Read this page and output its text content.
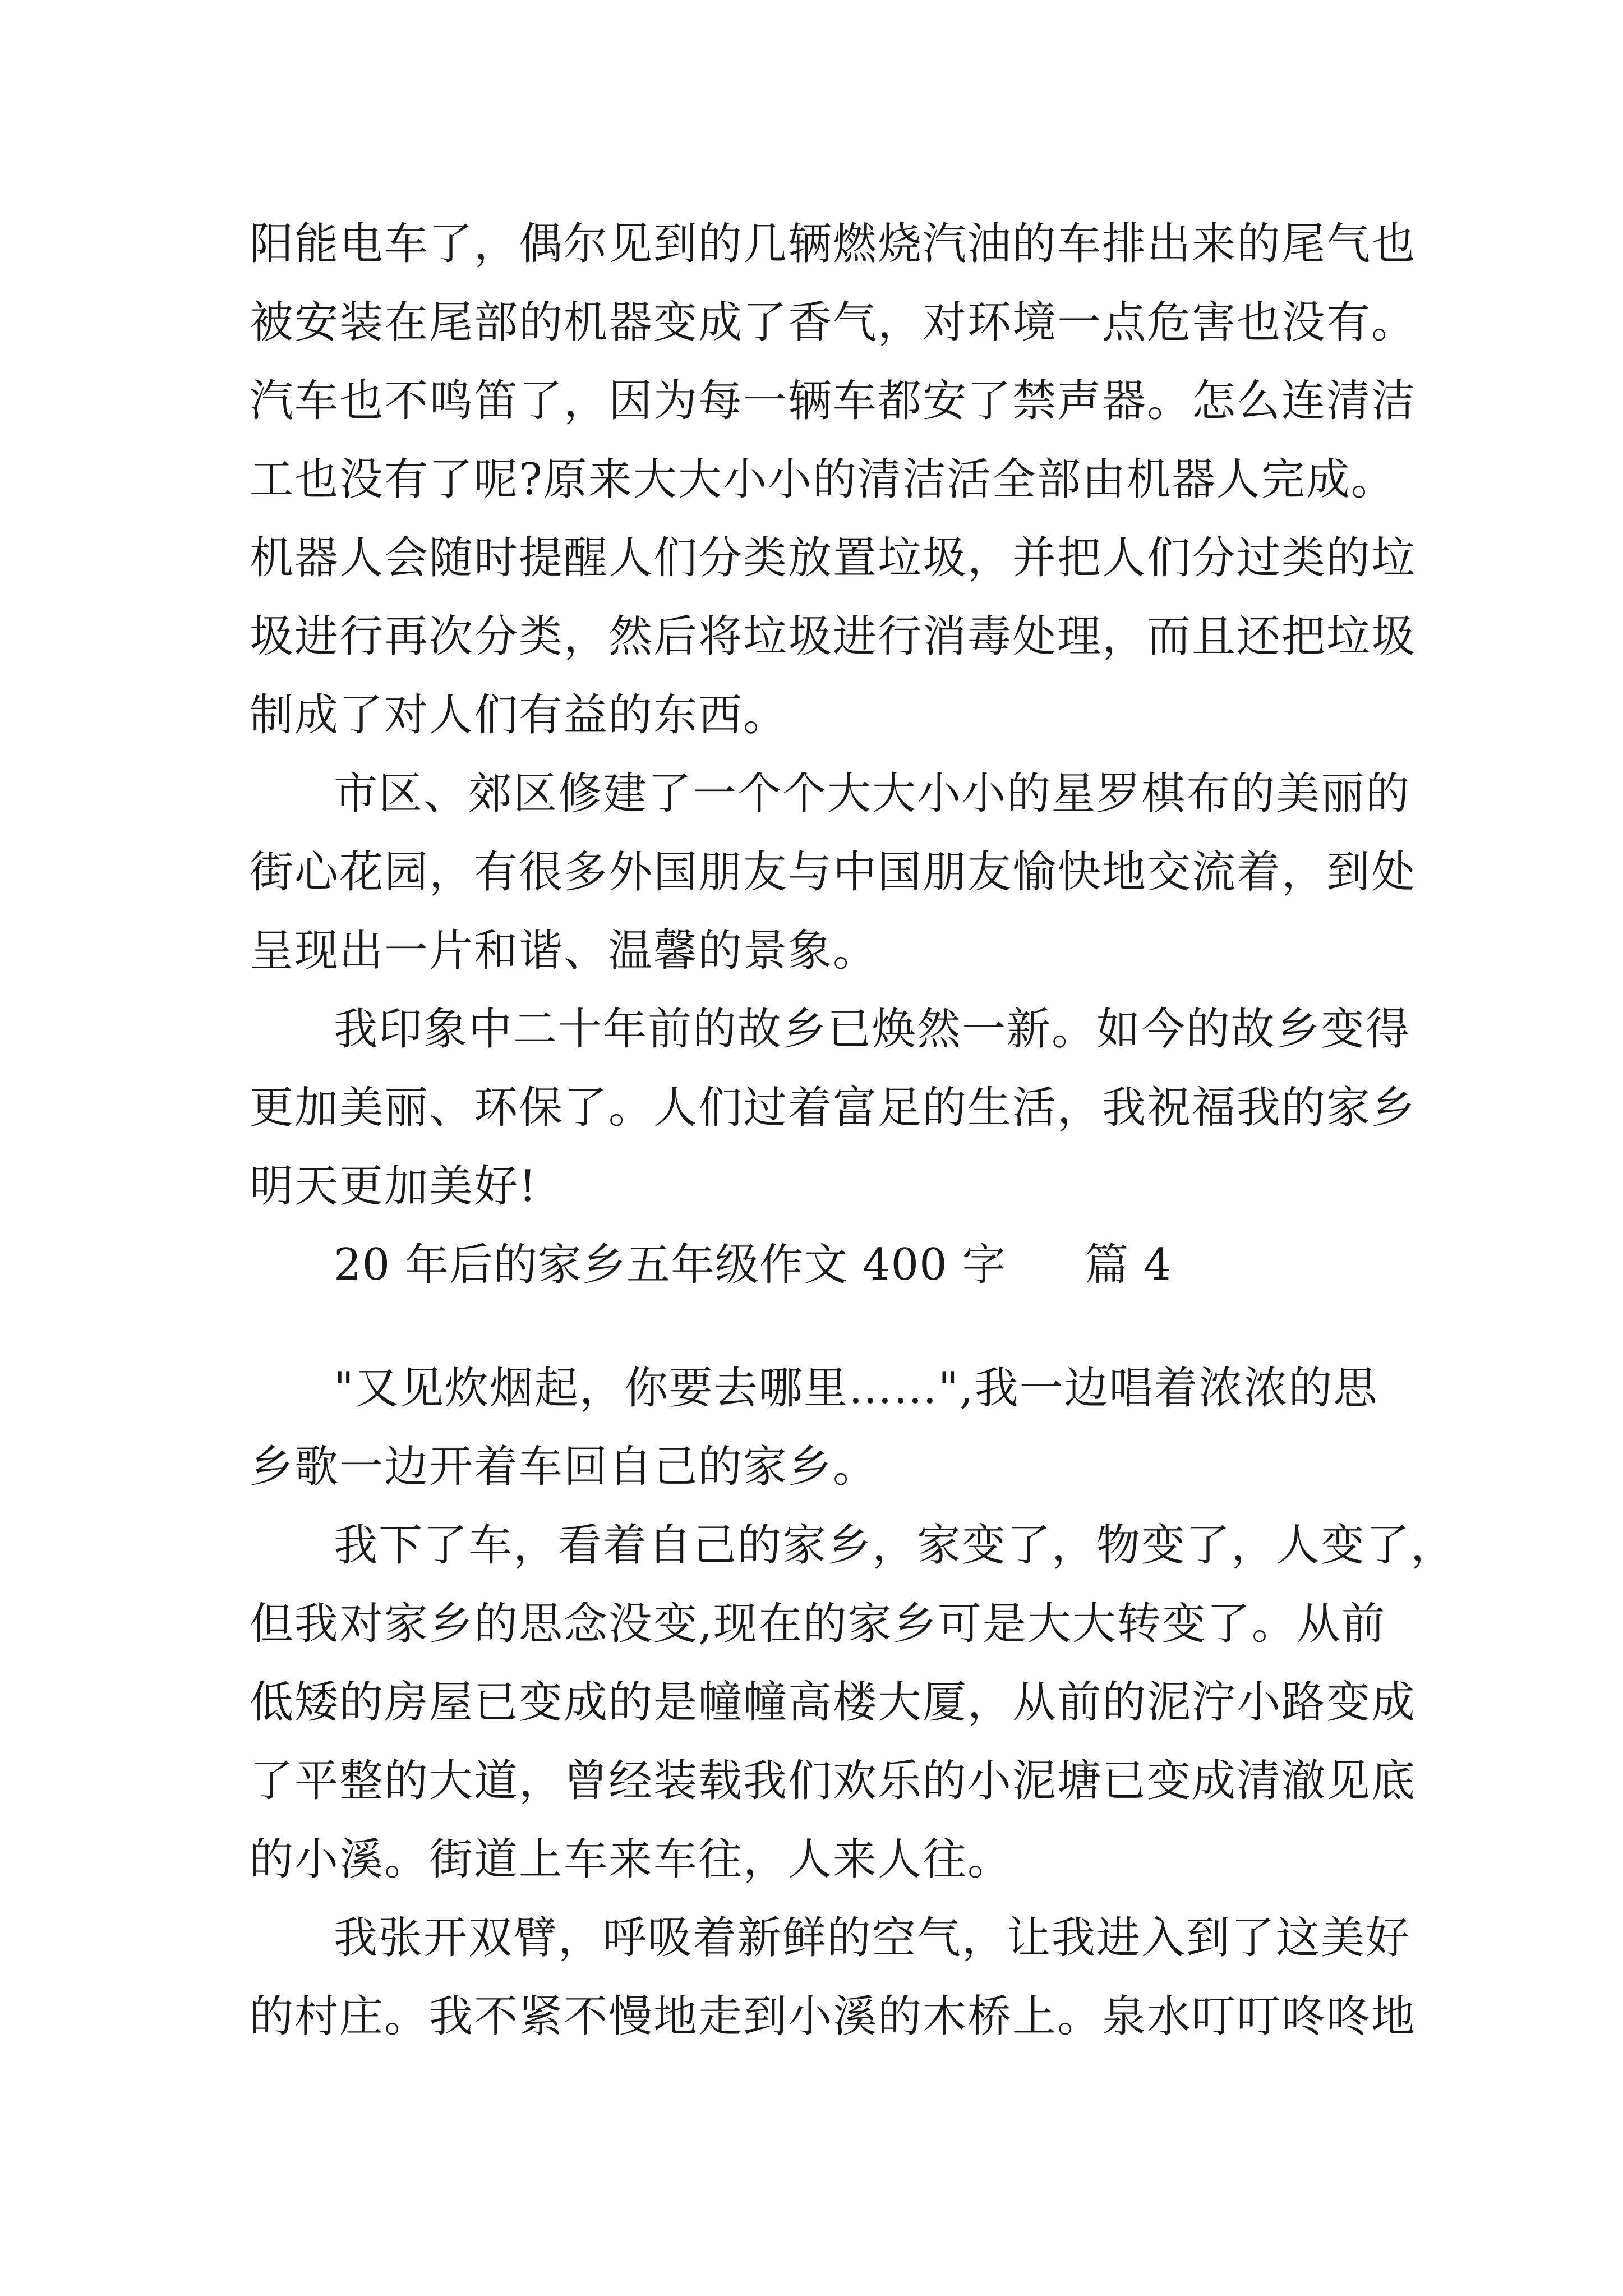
阳能电车了，偶尔见到的几辆燃烧汽油的车排出来的尾气也
被安装在尾部的机器变成了香气，对环境一点危害也没有。
汽车也不鸣笛了，因为每一辆车都安了禁声器。怎么连清洁
工也没有了呢?原来大大小小的清洁活全部由机器人完成。
机器人会随时提醒人们分类放置垃圾，并把人们分过类的垃
圾进行再次分类，然后将垃圾进行消毒处理，而且还把垃圾
制成了对人们有益的东西。
市区、郊区修建了一个个大大小小的星罗棋布的美丽的
街心花园，有很多外国朋友与中国朋友愉快地交流着，到处
呈现出一片和谐、温馨的景象。
我印象中二十年前的故乡已焕然一新。如今的故乡变得
更加美丽、环保了。人们过着富足的生活，我祝福我的家乡
明天更加美好!
20 年后的家乡五年级作文 400 字 篇 4
"又见炊烟起，你要去哪里……",我一边唱着浓浓的思
乡歌一边开着车回自己的家乡。
我下了车，看着自己的家乡，家变了，物变了，人变了，
但我对家乡的思念没变,现在的家乡可是大大转变了。从前
低矮的房屋已变成的是幢幢高楼大厦，从前的泥泞小路变成
了平整的大道，曾经装载我们欢乐的小泥塘已变成清澈见底
的小溪。街道上车来车往，人来人往。
我张开双臂，呼吸着新鲜的空气，让我进入到了这美好
的村庄。我不紧不慢地走到小溪的木桥上。泉水叮叮咚咚地
